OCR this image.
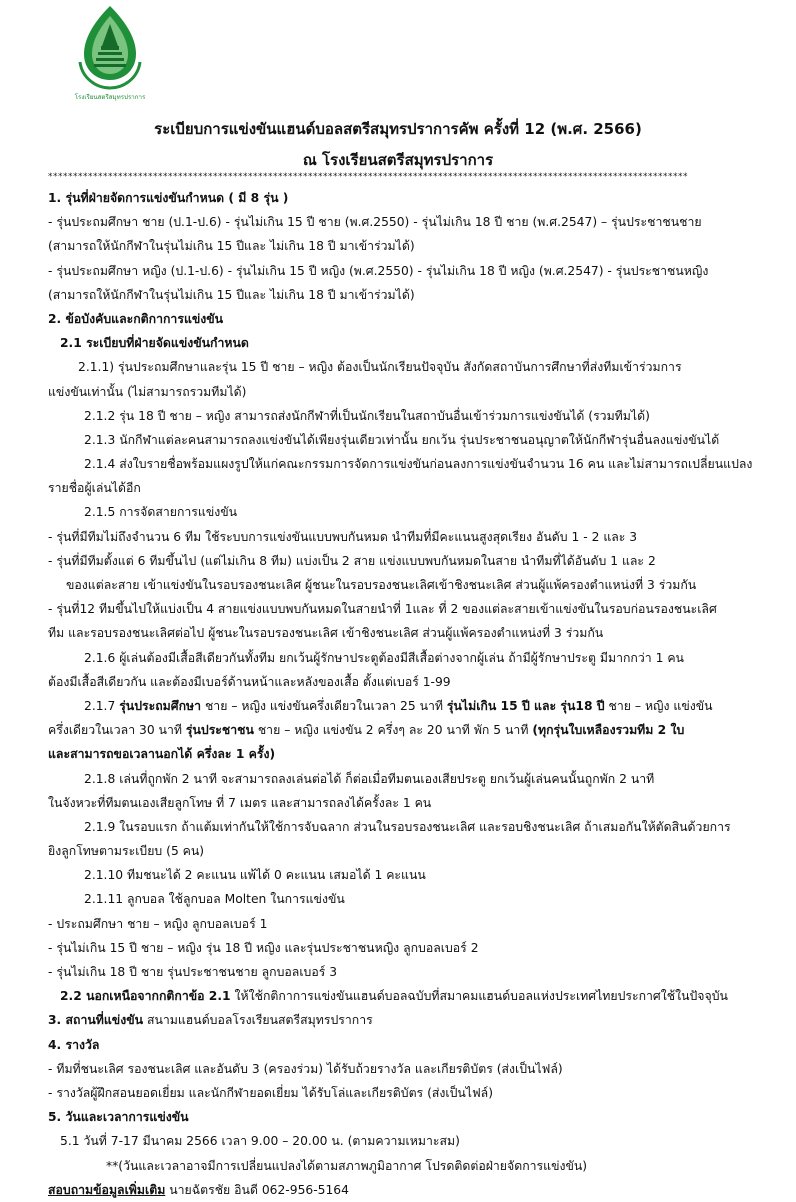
โรงเรียนสตรีสมุทรปราการ
ระเบียบการแข่งขันแฮนด์บอลสตรีสมุทรปราการคัพ ครั้งที่ 12 (พ.ศ. 2566)
ณ โรงเรียนสตรีสมุทรปราการ
********************************************************************************************************************************
1. รุ่นที่ฝ่ายจัดการแข่งขันกำหนด ( มี 8 รุ่น )
- รุ่นประถมศึกษา ชาย (ป.1-ป.6) - รุ่นไม่เกิน 15 ปี ชาย (พ.ศ.2550) - รุ่นไม่เกิน 18 ปี ชาย (พ.ศ.2547) – รุ่นประชาชนชาย
(สามารถให้นักกีฬาในรุ่นไม่เกิน 15 ปีและ ไม่เกิน 18 ปี มาเข้าร่วมได้)
- รุ่นประถมศึกษา หญิง (ป.1-ป.6) - รุ่นไม่เกิน 15 ปี หญิง (พ.ศ.2550) - รุ่นไม่เกิน 18 ปี หญิง (พ.ศ.2547) - รุ่นประชาชนหญิง
(สามารถให้นักกีฬาในรุ่นไม่เกิน 15 ปีและ ไม่เกิน 18 ปี มาเข้าร่วมได้)
2. ข้อบังคับและกติกาการแข่งขัน
2.1 ระเบียบที่ฝ่ายจัดแข่งขันกำหนด
2.1.1) รุ่นประถมศึกษาและรุ่น 15 ปี ชาย – หญิง ต้องเป็นนักเรียนปัจจุบัน สังกัดสถาบันการศึกษาที่ส่งทีมเข้าร่วมการ
แข่งขันเท่านั้น (ไม่สามารถรวมทีมได้)
2.1.2 รุ่น 18 ปี ชาย – หญิง สามารถส่งนักกีฬาที่เป็นนักเรียนในสถาบันอื่นเข้าร่วมการแข่งขันได้ (รวมทีมได้)
2.1.3 นักกีฬาแต่ละคนสามารถลงแข่งขันได้เพียงรุ่นเดียวเท่านั้น ยกเว้น รุ่นประชาชนอนุญาตให้นักกีฬารุ่นอื่นลงแข่งขันได้
2.1.4 ส่งใบรายชื่อพร้อมแผงรูปให้แก่คณะกรรมการจัดการแข่งขันก่อนลงการแข่งขันจำนวน 16 คน และไม่สามารถเปลี่ยนแปลง
รายชื่อผู้เล่นได้อีก
2.1.5 การจัดสายการแข่งขัน
- รุ่นที่มีทีมไม่ถึงจำนวน 6 ทีม ใช้ระบบการแข่งขันแบบพบกันหมด นำทีมที่มีคะแนนสูงสุดเรียง อันดับ 1 - 2 และ 3
- รุ่นที่มีทีมตั้งแต่ 6 ทีมขึ้นไป (แต่ไม่เกิน 8 ทีม) แบ่งเป็น 2 สาย แข่งแบบพบกันหมดในสาย นำทีมที่ได้อันดับ 1 และ 2
ของแต่ละสาย เข้าแข่งขันในรอบรองชนะเลิศ ผู้ชนะในรอบรองชนะเลิศเข้าชิงชนะเลิศ ส่วนผู้แพ้ครองตำแหน่งที่ 3 ร่วมกัน
- รุ่นที่12 ทีมขึ้นไปให้แบ่งเป็น 4 สายแข่งแบบพบกันหมดในสายนำที่ 1และ ที่ 2 ของแต่ละสายเข้าแข่งขันในรอบก่อนรองชนะเลิศ
ทีม และรอบรองชนะเลิศต่อไป ผู้ชนะในรอบรองชนะเลิศ เข้าชิงชนะเลิศ ส่วนผู้แพ้ครองตำแหน่งที่ 3 ร่วมกัน
2.1.6 ผู้เล่นต้องมีเสื้อสีเดียวกันทั้งทีม ยกเว้นผู้รักษาประตูต้องมีสีเสื้อต่างจากผู้เล่น ถ้ามีผู้รักษาประตู มีมากกว่า 1 คน
ต้องมีเสื้อสีเดียวกัน และต้องมีเบอร์ด้านหน้าและหลังของเสื้อ ตั้งแต่เบอร์ 1-99
2.1.7 รุ่นประถมศึกษา ชาย – หญิง แข่งขันครึ่งเดียวในเวลา 25 นาที รุ่นไม่เกิน 15 ปี และ รุ่น18 ปี ชาย – หญิง แข่งขัน
ครึ่งเดียวในเวลา 30 นาที รุ่นประชาชน ชาย – หญิง แข่งขัน 2 ครึ่งๆ ละ 20 นาที พัก 5 นาที (ทุกรุ่นใบเหลืองรวมทีม 2 ใบ
และสามารถขอเวลานอกได้ ครึ่งละ 1 ครั้ง)
2.1.8 เล่นที่ถูกพัก 2 นาที จะสามารถลงเล่นต่อได้ ก็ต่อเมื่อทีมตนเองเสียประตู ยกเว้นผู้เล่นคนนั้นถูกพัก 2 นาที
ในจังหวะที่ทีมตนเองเสียลูกโทษ ที่ 7 เมตร และสามารถลงได้ครั้งละ 1 คน
2.1.9 ในรอบแรก ถ้าแต้มเท่ากันให้ใช้การจับฉลาก ส่วนในรอบรองชนะเลิศ และรอบชิงชนะเลิศ ถ้าเสมอกันให้ตัดสินด้วยการ
ยิงลูกโทษตามระเบียบ (5 คน)
2.1.10 ทีมชนะได้ 2 คะแนน แพ้ได้ 0 คะแนน เสมอได้ 1 คะแนน
2.1.11 ลูกบอล ใช้ลูกบอล Molten ในการแข่งขัน
- ประถมศึกษา ชาย – หญิง ลูกบอลเบอร์ 1
- รุ่นไม่เกิน 15 ปี ชาย – หญิง รุ่น 18 ปี หญิง และรุ่นประชาชนหญิง ลูกบอลเบอร์ 2
- รุ่นไม่เกิน 18 ปี ชาย รุ่นประชาชนชาย ลูกบอลเบอร์ 3
2.2 นอกเหนือจากกติกาข้อ 2.1 ให้ใช้กติกาการแข่งขันแฮนด์บอลฉบับที่สมาคมแฮนด์บอลแห่งประเทศไทยประกาศใช้ในปัจจุบัน
3. สถานที่แข่งขัน สนามแฮนด์บอลโรงเรียนสตรีสมุทรปราการ
4. รางวัล
- ทีมที่ชนะเลิศ รองชนะเลิศ และอันดับ 3 (ครองร่วม) ได้รับถ้วยรางวัล และเกียรติบัตร (ส่งเป็นไฟล์)
- รางวัลผู้ฝึกสอนยอดเยี่ยม และนักกีฬายอดเยี่ยม ได้รับโล่และเกียรติบัตร (ส่งเป็นไฟล์)
5. วันและเวลาการแข่งขัน
5.1 วันที่ 7-17 มีนาคม 2566 เวลา 9.00 – 20.00 น. (ตามความเหมาะสม)
**(วันและเวลาอาจมีการเปลี่ยนแปลงได้ตามสภาพภูมิอากาศ โปรดติดต่อฝ่ายจัดการแข่งขัน)
สอบถามข้อมูลเพิ่มเติม นายฉัตรชัย อินดี 062-956-5164
